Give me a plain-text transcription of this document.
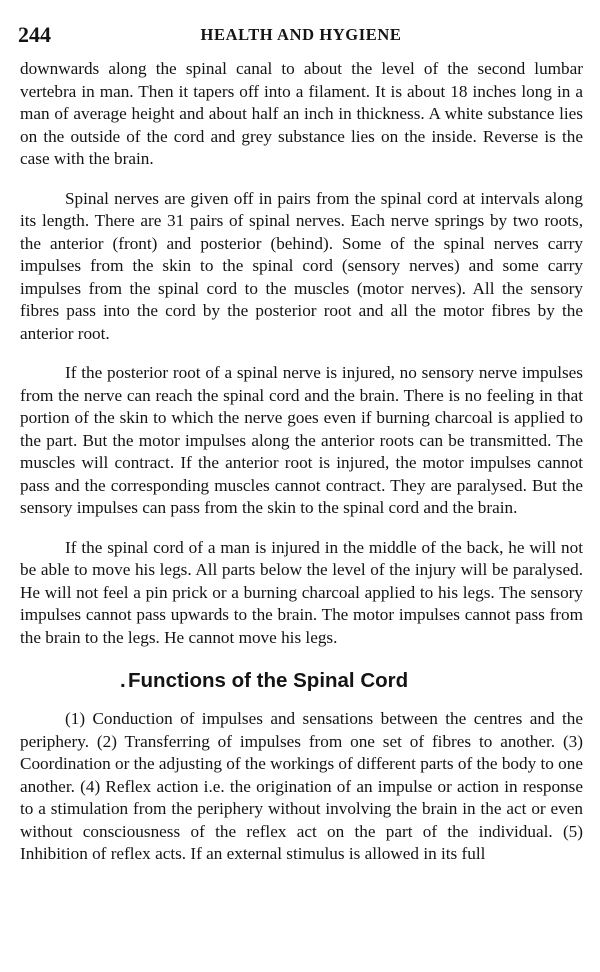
244	HEALTH AND HYGIENE

downwards along the spinal canal to about the level of the second lumbar vertebra in man. Then it tapers off into a filament. It is about 18 inches long in a man of average height and about half an inch in thickness. A white substance lies on the outside of the cord and grey substance lies on the inside. Reverse is the case with the brain.

Spinal nerves are given off in pairs from the spinal cord at intervals along its length. There are 31 pairs of spinal nerves. Each nerve springs by two roots, the anterior (front) and posterior (behind). Some of the spinal nerves carry impulses from the skin to the spinal cord (sensory nerves) and some carry impulses from the spinal cord to the muscles (motor nerves). All the sensory fibres pass into the cord by the posterior root and all the motor fibres by the anterior root.

If the posterior root of a spinal nerve is injured, no sensory nerve impulses from the nerve can reach the spinal cord and the brain. There is no feeling in that portion of the skin to which the nerve goes even if burning charcoal is applied to the part. But the motor impulses along the anterior roots can be transmitted. The muscles will contract. If the anterior root is injured, the motor impulses cannot pass and the corresponding muscles cannot contract. They are paralysed. But the sensory impulses can pass from the skin to the spinal cord and the brain.

If the spinal cord of a man is injured in the middle of the back, he will not be able to move his legs. All parts below the level of the injury will be paralysed. He will not feel a pin prick or a burning charcoal applied to his legs. The sensory impulses cannot pass upwards to the brain. The motor impulses cannot pass from the brain to the legs. He cannot move his legs.

. Functions of the Spinal Cord

(1) Conduction of impulses and sensations between the centres and the periphery. (2) Transferring of impulses from one set of fibres to another. (3) Coordination or the adjusting of the workings of different parts of the body to one another. (4) Reflex action i.e. the origination of an impulse or action in response to a stimulation from the periphery without involving the brain in the act or even without consciousness of the reflex act on the part of the individual. (5) Inhibition of reflex acts. If an external stimulus is allowed in its full
